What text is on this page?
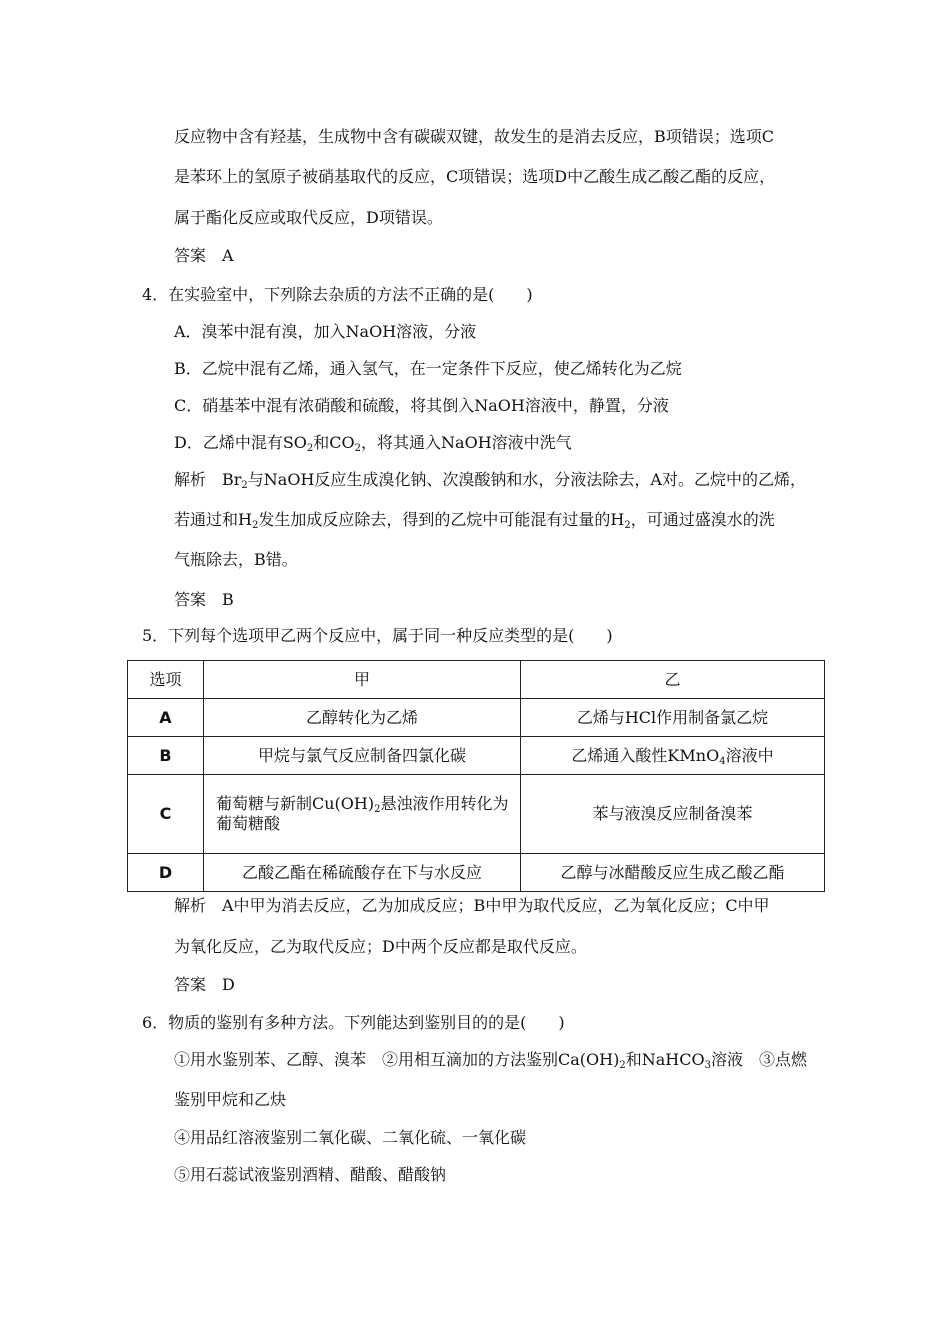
反应物中含有羟基，生成物中含有碳碳双键，故发生的是消去反应，B项错误；选项C
是苯环上的氢原子被硝基取代的反应，C项错误；选项D中乙酸生成乙酸乙酯的反应，
属于酯化反应或取代反应，D项错误。
答案　A
4．在实验室中，下列除去杂质的方法不正确的是(　　)
A．溴苯中混有溴，加入NaOH溶液，分液
B．乙烷中混有乙烯，通入氢气，在一定条件下反应，使乙烯转化为乙烷
C．硝基苯中混有浓硝酸和硫酸，将其倒入NaOH溶液中，静置，分液
D．乙烯中混有$SO_2$和$CO_2$，将其通入NaOH溶液中洗气
解析　$Br_2$与NaOH反应生成溴化钠、次溴酸钠和水，分液法除去，A对。乙烷中的乙烯，
若通过和$H_2$发生加成反应除去，得到的乙烷中可能混有过量的$H_2$，可通过盛溴水的洗
气瓶除去，B错。
答案　B
5．下列每个选项甲乙两个反应中，属于同一种反应类型的是(　　)
选项	甲	乙
A	乙醇转化为乙烯	乙烯与HCl作用制备氯乙烷
B	甲烷与氯气反应制备四氯化碳	乙烯通入酸性KMnO$_4$溶液中
C	葡萄糖与新制$Cu(OH)_2$悬浊液作用转化为
葡萄糖酸	苯与液溴反应制备溴苯
D	乙酸乙酯在稀硫酸存在下与水反应	乙醇与冰醋酸反应生成乙酸乙酯
解析　A中甲为消去反应，乙为加成反应；B中甲为取代反应，乙为氧化反应；C中甲
为氧化反应，乙为取代反应；D中两个反应都是取代反应。
答案　D
6．物质的鉴别有多种方法。下列能达到鉴别目的的是(　　)
①用水鉴别苯、乙醇、溴苯　②用相互滴加的方法鉴别$Ca(OH)_2$和NaHCO$_3$溶液　③点燃
鉴别甲烷和乙炔
④用品红溶液鉴别二氧化碳、二氧化硫、一氧化碳
⑤用石蕊试液鉴别酒精、醋酸、醋酸钠
